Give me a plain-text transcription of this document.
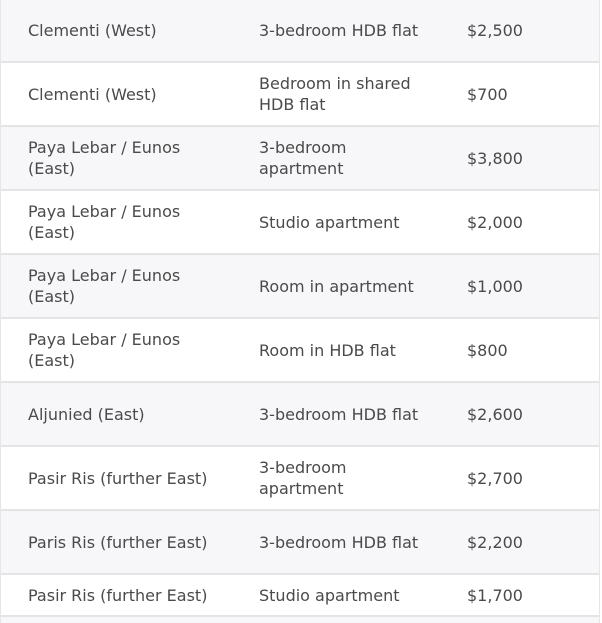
Clementi (West)	3-bedroom HDB flat	$2,500

Clementi (West)	Bedroom in shared HDB flat	$700

Paya Lebar / Eunos (East)	3-bedroom apartment	$3,800

Paya Lebar / Eunos (East)	Studio apartment	$2,000

Paya Lebar / Eunos (East)	Room in apartment	$1,000

Paya Lebar / Eunos (East)	Room in HDB flat	$800

Aljunied (East)	3-bedroom HDB flat	$2,600

Pasir Ris (further East)	3-bedroom apartment	$2,700

Paris Ris (further East)	3-bedroom HDB flat	$2,200

Pasir Ris (further East)	Studio apartment	$1,700
